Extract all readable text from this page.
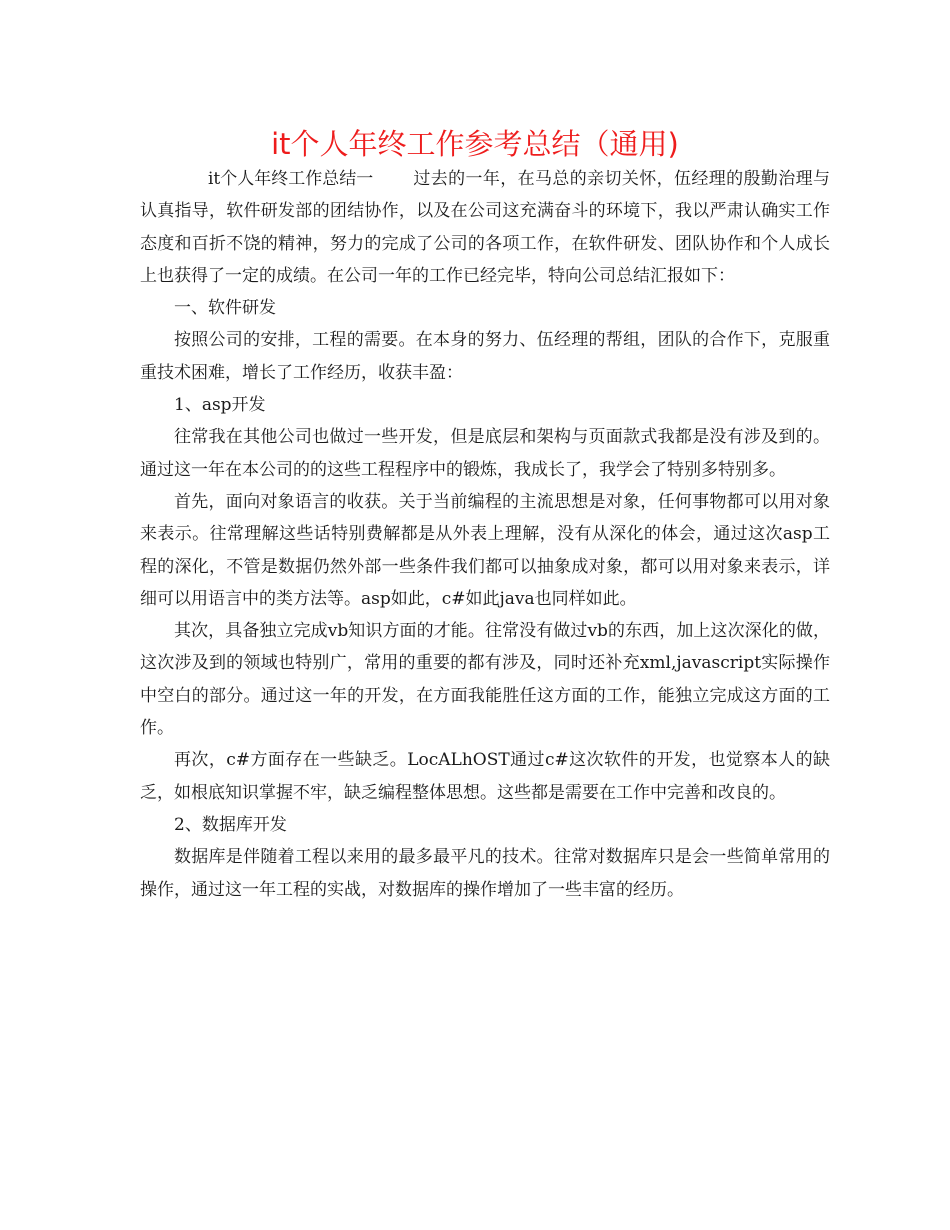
it个人年终工作参考总结（通用)

it个人年终工作总结一 过去的一年，在马总的亲切关怀，伍经理的殷勤治理与认真指导，软件研发部的团结协作，以及在公司这充满奋斗的环境下，我以严肃认确实工作态度和百折不饶的精神，努力的完成了公司的各项工作，在软件研发、团队协作和个人成长上也获得了一定的成绩。在公司一年的工作已经完毕，特向公司总结汇报如下：

一、软件研发

按照公司的安排，工程的需要。在本身的努力、伍经理的帮组，团队的合作下，克服重重技术困难，增长了工作经历，收获丰盈：

1、asp开发

往常我在其他公司也做过一些开发，但是底层和架构与页面款式我都是没有涉及到的。通过这一年在本公司的的这些工程程序中的锻炼，我成长了，我学会了特别多特别多。

首先，面向对象语言的收获。关于当前编程的主流思想是对象，任何事物都可以用对象来表示。往常理解这些话特别费解都是从外表上理解，没有从深化的体会，通过这次asp工程的深化，不管是数据仍然外部一些条件我们都可以抽象成对象，都可以用对象来表示，详细可以用语言中的类方法等。asp如此，c#如此java也同样如此。

其次，具备独立完成vb知识方面的才能。往常没有做过vb的东西，加上这次深化的做，这次涉及到的领域也特别广，常用的重要的都有涉及，同时还补充xml,javascript实际操作中空白的部分。通过这一年的开发，在方面我能胜任这方面的工作，能独立完成这方面的工作。

再次，c#方面存在一些缺乏。LocALhOST通过c#这次软件的开发，也觉察本人的缺乏，如根底知识掌握不牢，缺乏编程整体思想。这些都是需要在工作中完善和改良的。

2、数据库开发

数据库是伴随着工程以来用的最多最平凡的技术。往常对数据库只是会一些简单常用的操作，通过这一年工程的实战，对数据库的操作增加了一些丰富的经历。
